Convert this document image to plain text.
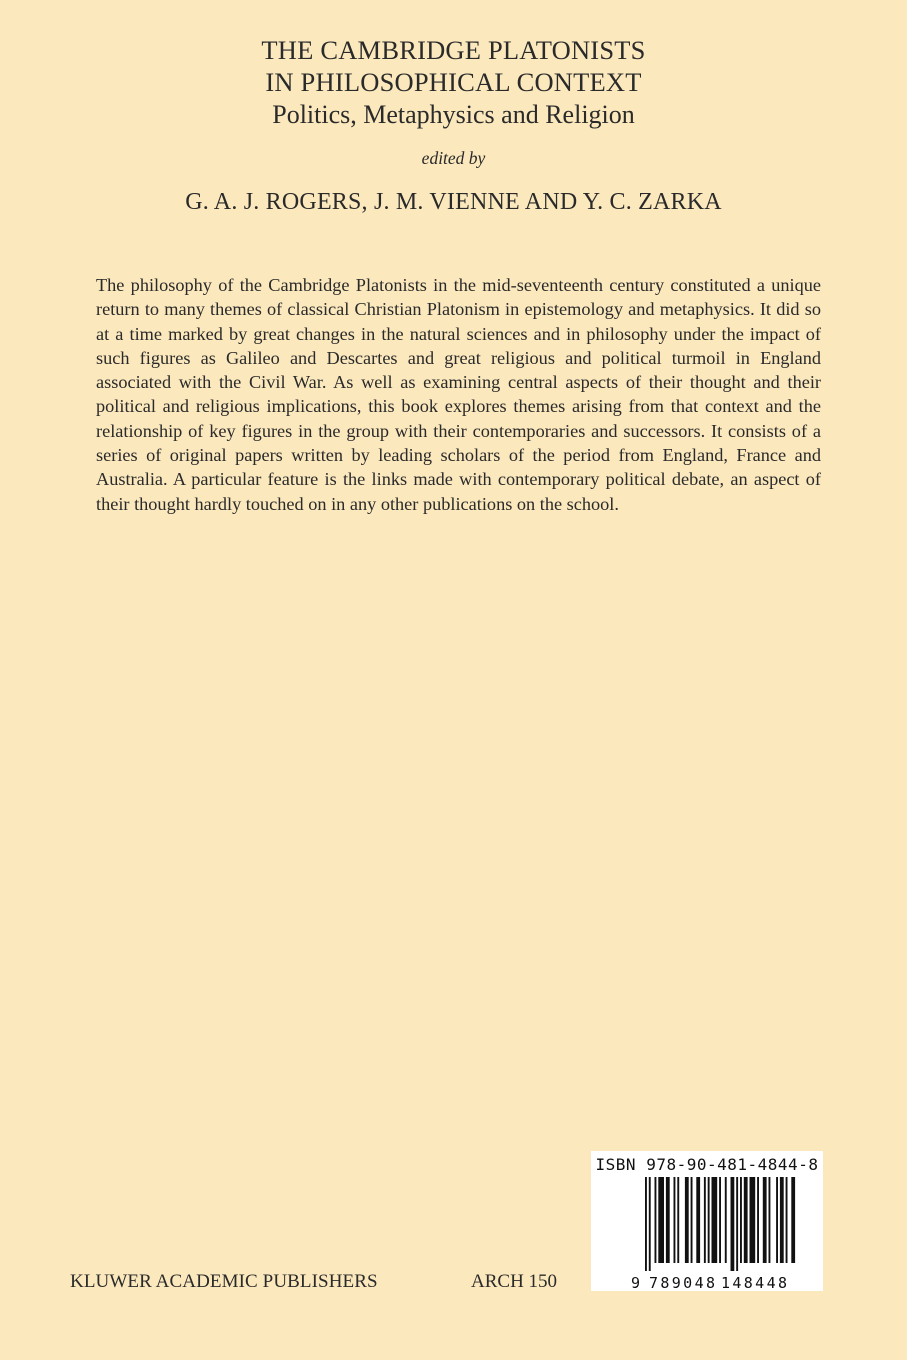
THE CAMBRIDGE PLATONISTS
IN PHILOSOPHICAL CONTEXT
Politics, Metaphysics and Religion
edited by
G. A. J. ROGERS, J. M. VIENNE AND Y. C. ZARKA

The philosophy of the Cambridge Platonists in the mid-seventeenth century constituted a unique return to many themes of classical Christian Platonism in epistemology and metaphysics. It did so at a time marked by great changes in the natural sciences and in philosophy under the impact of such figures as Galileo and Descartes and great religious and political turmoil in England associated with the Civil War. As well as examining central aspects of their thought and their political and religious implications, this book explores themes arising from that context and the relationship of key figures in the group with their contemporaries and successors. It consists of a series of original papers written by leading scholars of the period from England, France and Australia. A particular feature is the links made with contemporary political debate, an aspect of their thought hardly touched on in any other publications on the school.

KLUWER ACADEMIC PUBLISHERS	ARCH 150
ISBN 978-90-481-4844-8
9 789048 148448
